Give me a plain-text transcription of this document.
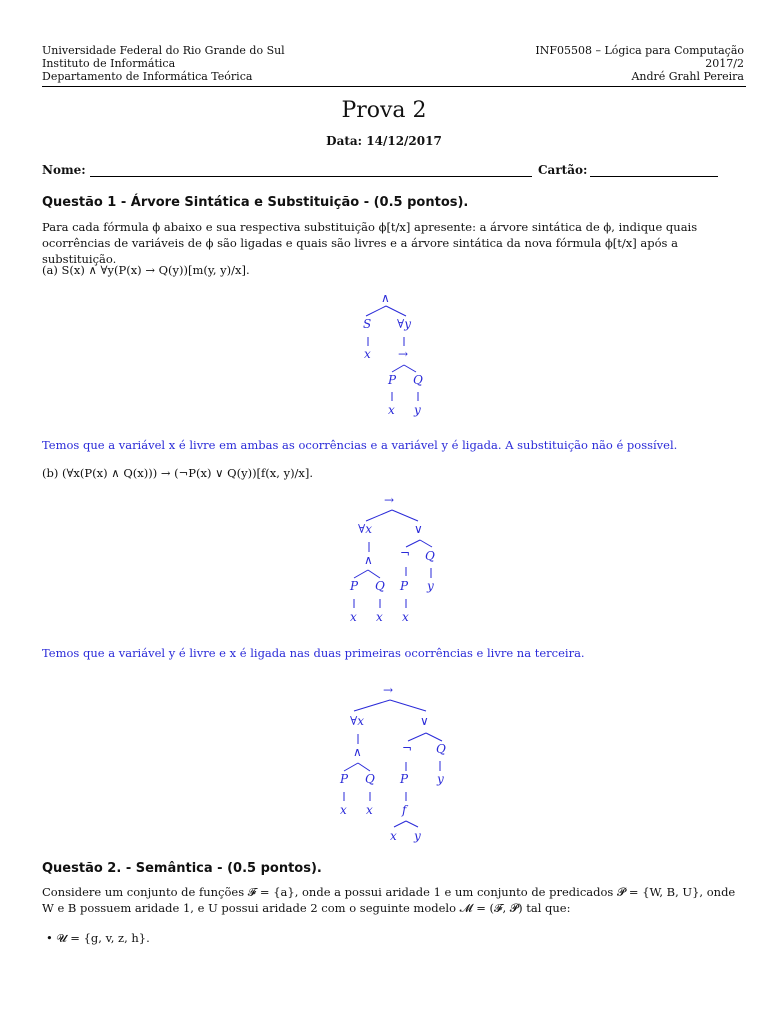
Universidade Federal do Rio Grande do Sul
Instituto de Informática
Departamento de Informática Teórica
INF05508 – Lógica para Computação
2017/2
André Grahl Pereira
Prova 2
Data: 14/12/2017
Nome:	Cartão:
Questão 1 - Árvore Sintática e Substituição - (0.5 pontos).
Para cada fórmula ϕ abaixo e sua respectiva substituição ϕ[t/x] apresente: a árvore sintática de ϕ, indique quais ocorrências de variáveis de ϕ são ligadas e quais são livres e a árvore sintática da nova fórmula ϕ[t/x] após a substituição.
(a) S(x) ∧ ∀y(P(x) → Q(y))[m(y, y)/x].
∧
S ∀y
x →
P Q
x y
Temos que a variável x é livre em ambas as ocorrências e a variável y é ligada. A substituição não é possível.
(b) (∀x(P(x) ∧ Q(x))) → (¬P(x) ∨ Q(y))[f(x, y)/x].
→
∀x	∨
∧ ¬ Q
P Q P y
x x x
Temos que a variável y é livre e x é ligada nas duas primeiras ocorrências e livre na terceira.
→
∀x	∨
∧	¬ Q
P Q P y
x x f
x y
Questão 2. - Semântica - (0.5 pontos).
Considere um conjunto de funções 𝓕 = {a}, onde a possui aridade 1 e um conjunto de predicados 𝓟 = {W, B, U}, onde W e B possuem aridade 1, e U possui aridade 2 com o seguinte modelo 𝓜 = (𝓕, 𝓟) tal que:
• 𝓤 = {g, v, z, h}.
